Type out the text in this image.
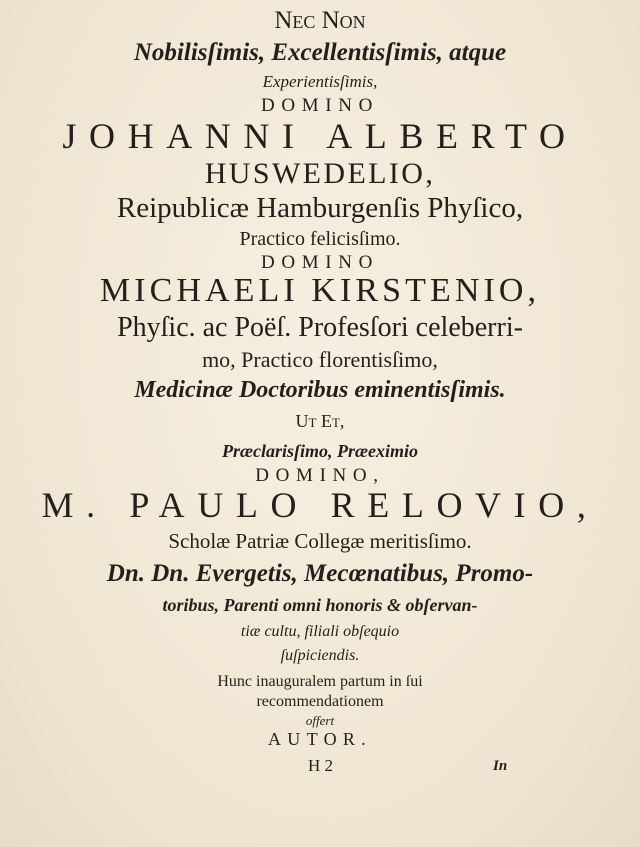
Nec Non
Nobilisſimis, Excellentisſimis, atque
Experientisſimis,
DOMINO
JOHANNI ALBERTO
HUSWEDELIO,
Reipublicæ Hamburgenſis Phyſico,
Practico felicisſimo.
DOMINO
MICHAELI KIRSTENIO,
Phyſic. ac Poëſ. Profesſori celeberri-
mo, Practico florentisſimo,
Medicinæ Doctoribus eminentisſimis.
Ut Et,
Præclarisſimo, Præeximio
DOMINO,
M. PAULO RELOVIO,
Scholæ Patriæ Collegæ meritisſimo.
Dn. Dn. Evergetis, Mecœnatibus, Promo-
toribus, Parenti omni honoris & obſervan-
tiæ cultu, filiali obſequio
ſuſpiciendis.
Hunc inauguralem partum in ſui
recommendationem
offert
AUTOR.
H 2	In
